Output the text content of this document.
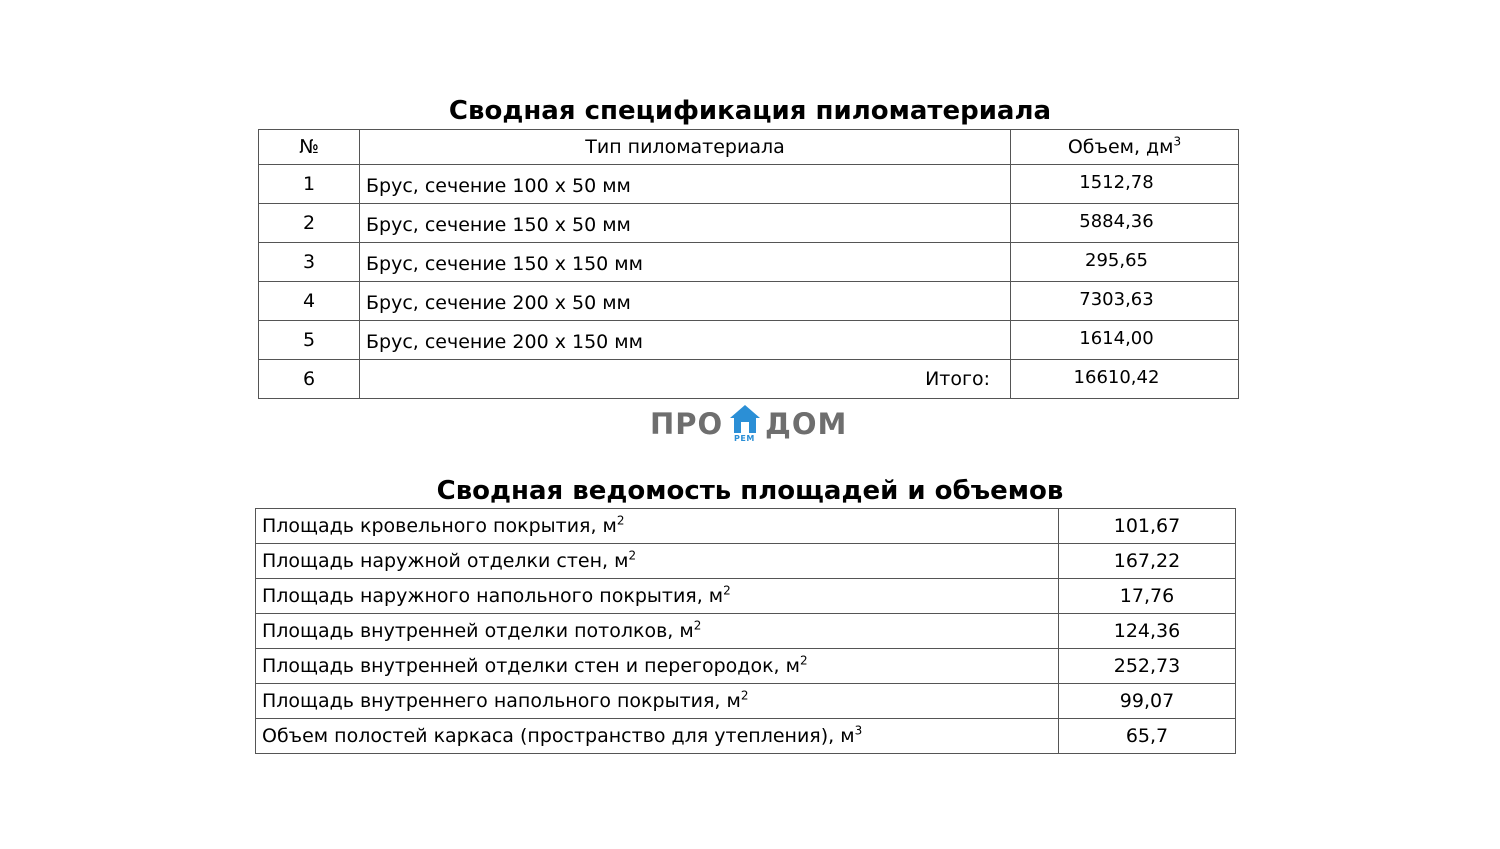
Сводная спецификация пиломатериала
№	Тип пиломатериала	Объем, $дм^3$
1	Брус, сечение 100 х 50 мм	1512,78
2	Брус, сечение 150 х 50 мм	5884,36
3	Брус, сечение 150 х 150 мм	295,65
4	Брус, сечение 200 х 50 мм	7303,63
5	Брус, сечение 200 х 150 мм	1614,00
6	Итого:	16610,42
ПРО РЕМ ДОМ
Сводная ведомость площадей и объемов
Площадь кровельного покрытия, $м^2$	101,67
Площадь наружной отделки стен, $м^2$	167,22
Площадь наружного напольного покрытия, $м^2$	17,76
Площадь внутренней отделки потолков, $м^2$	124,36
Площадь внутренней отделки стен и перегородок, $м^2$	252,73
Площадь внутреннего напольного покрытия, $м^2$	99,07
Объем полостей каркаса (пространство для утепления), $м^3$	65,7
